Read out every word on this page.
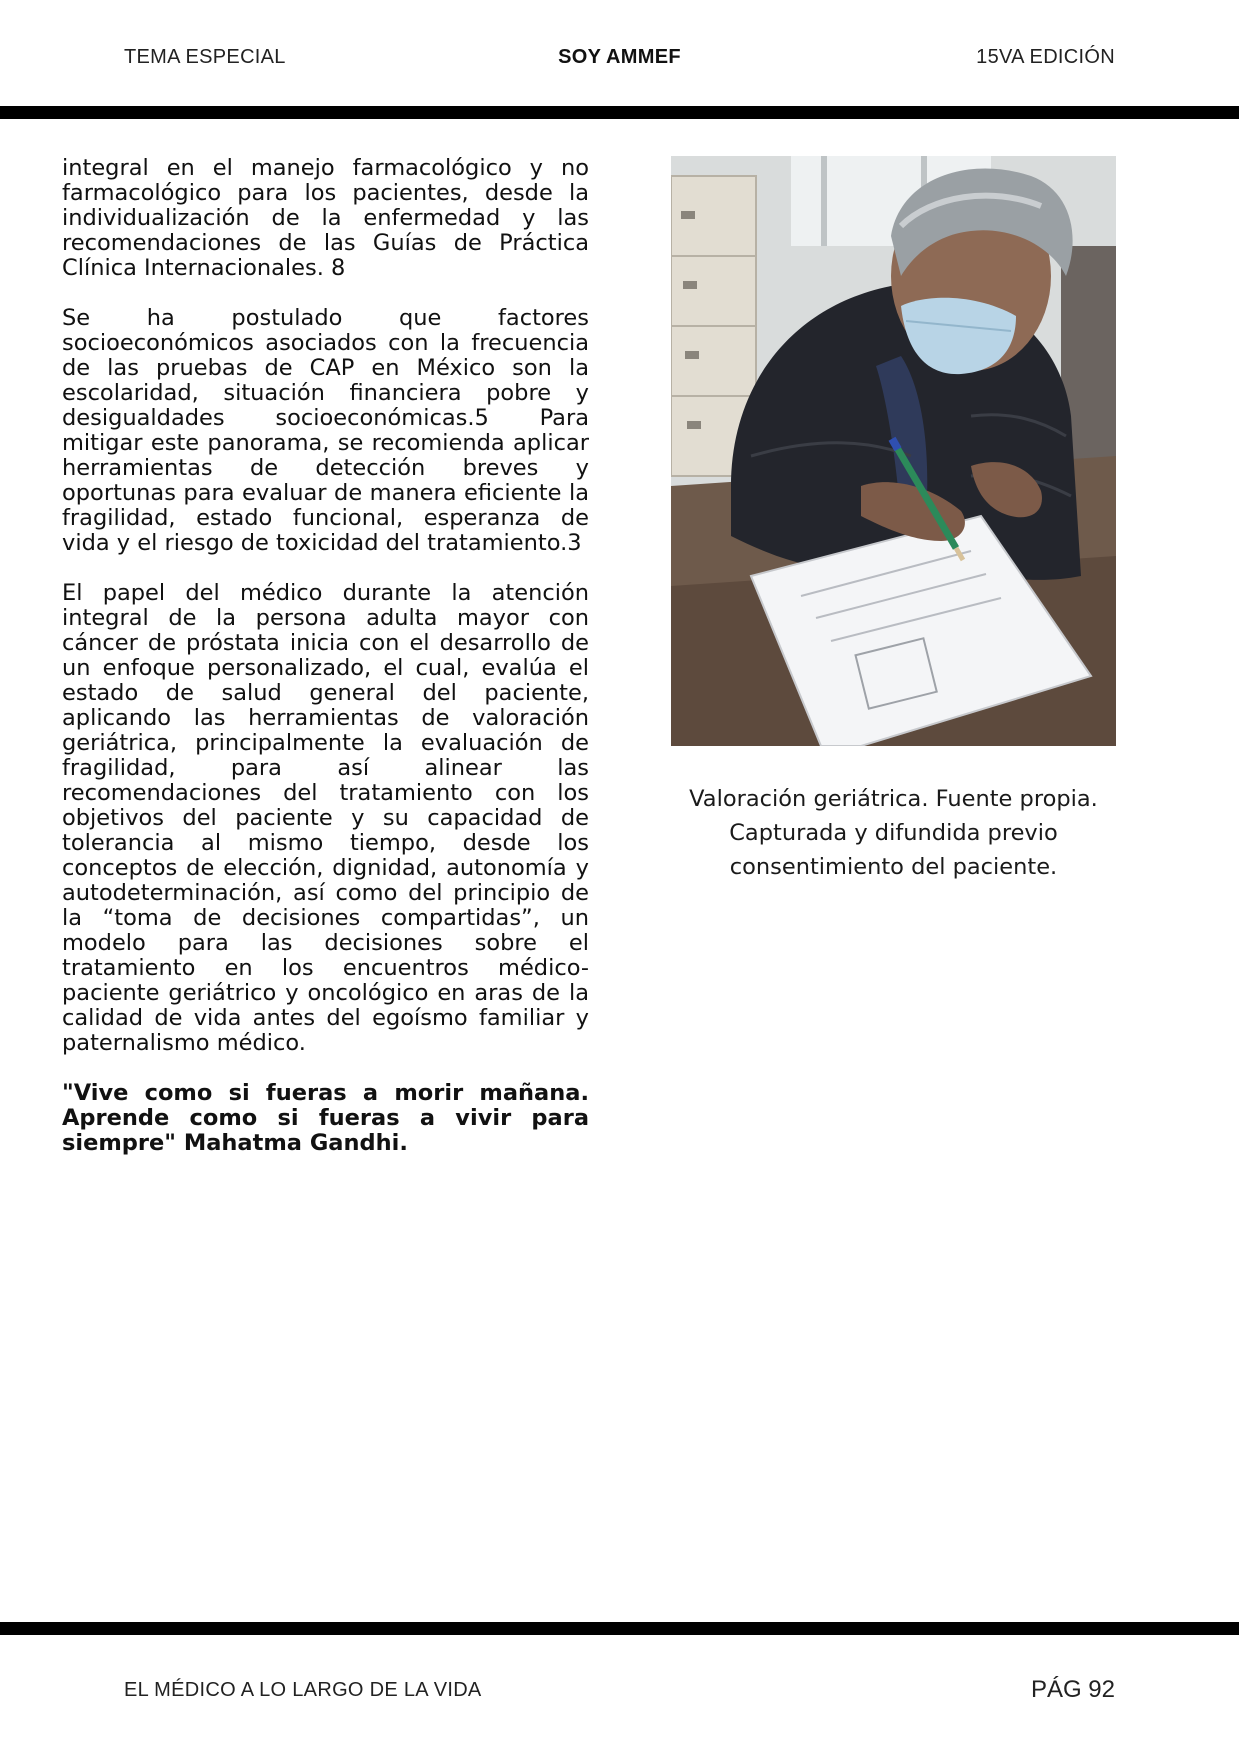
TEMA ESPECIAL	SOY AMMEF	15VA EDICIÓN

integral en el manejo farmacológico y no farmacológico para los pacientes, desde la individualización de la enfermedad y las recomendaciones de las Guías de Práctica Clínica Internacionales. 8

Se ha postulado que factores socioeconómicos asociados con la frecuencia de las pruebas de CAP en México son la escolaridad, situación financiera pobre y desigualdades socioeconómicas.5 Para mitigar este panorama, se recomienda aplicar herramientas de detección breves y oportunas para evaluar de manera eficiente la fragilidad, estado funcional, esperanza de vida y el riesgo de toxicidad del tratamiento.3

El papel del médico durante la atención integral de la persona adulta mayor con cáncer de próstata inicia con el desarrollo de un enfoque personalizado, el cual, evalúa el estado de salud general del paciente, aplicando las herramientas de valoración geriátrica, principalmente la evaluación de fragilidad, para así alinear las recomendaciones del tratamiento con los objetivos del paciente y su capacidad de tolerancia al mismo tiempo, desde los conceptos de elección, dignidad, autonomía y autodeterminación, así como del principio de la “toma de decisiones compartidas”, un modelo para las decisiones sobre el tratamiento en los encuentros médico-paciente geriátrico y oncológico en aras de la calidad de vida antes del egoísmo familiar y paternalismo médico.

"Vive como si fueras a morir mañana. Aprende como si fueras a vivir para siempre" Mahatma Gandhi.

Valoración geriátrica. Fuente propia.
Capturada y difundida previo
consentimiento del paciente.
EL MÉDICO A LO LARGO DE LA VIDA	PÁG 92
